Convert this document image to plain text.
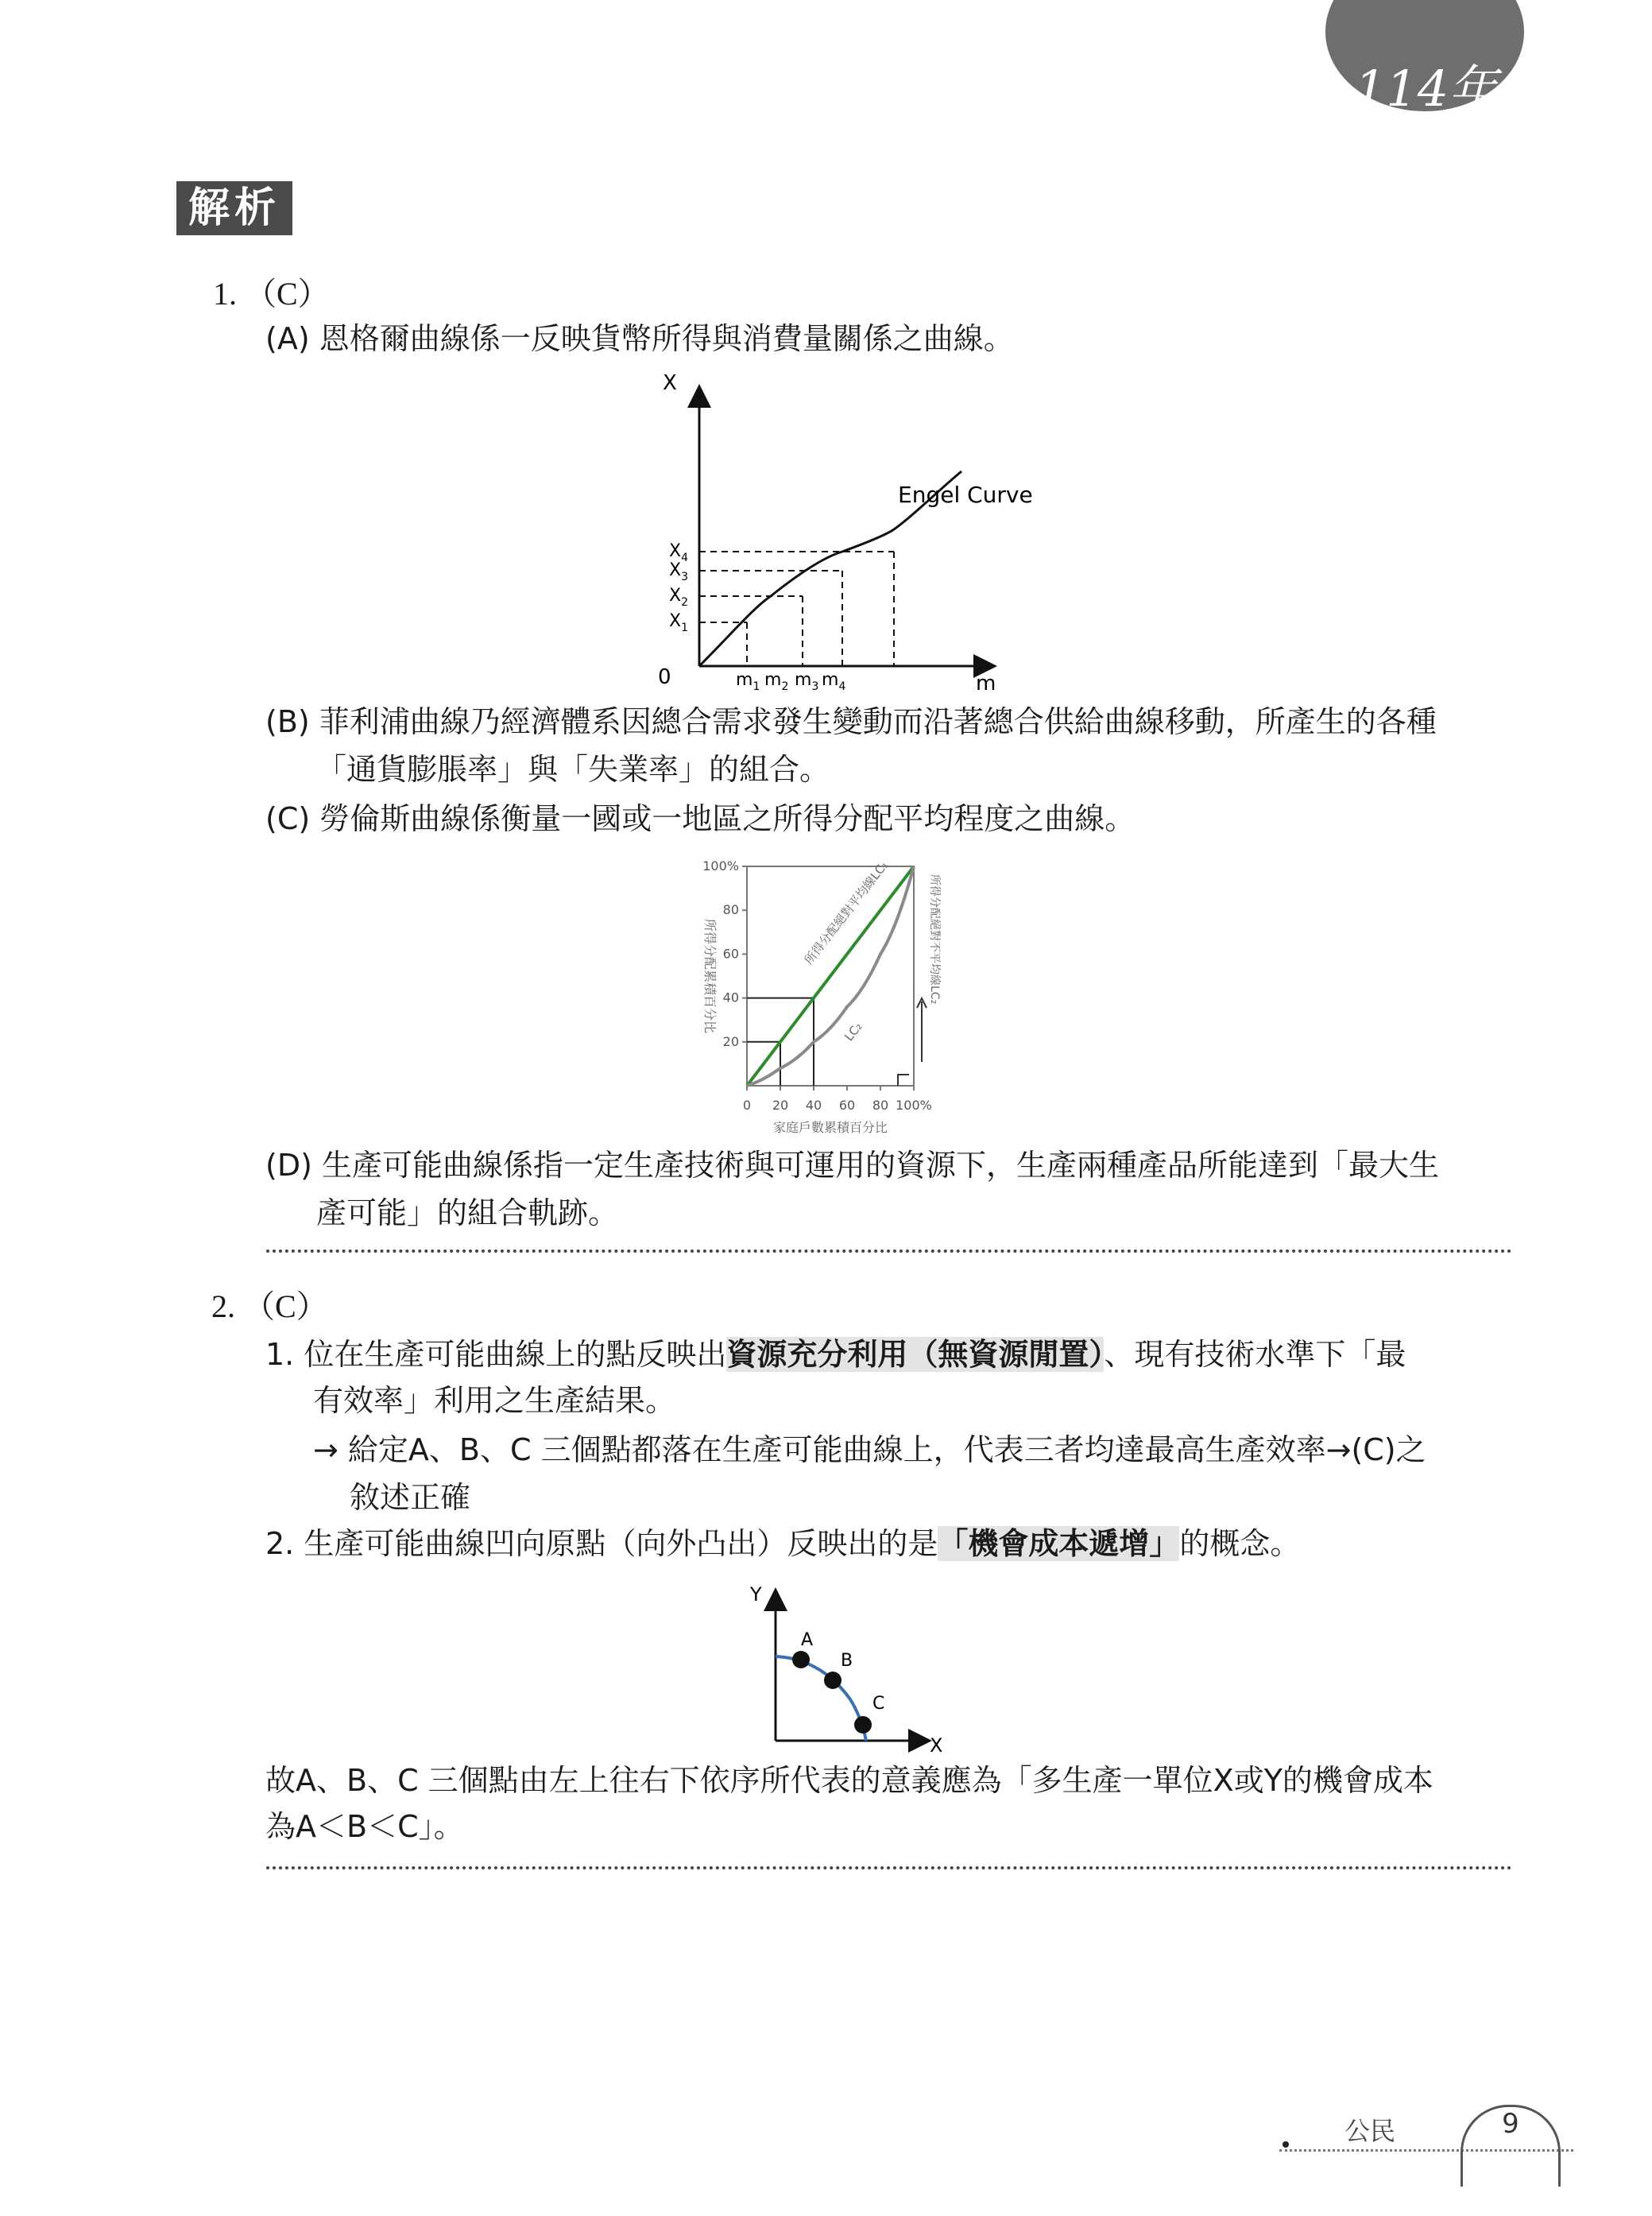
114年
解析
1. （C）
(A) 恩格爾曲線係一反映貨幣所得與消費量關係之曲線。
X
m
0
Engel Curve
$X_4$
$X_3$
$X_2$
$X_1$
$m_1$ $m_2$ $m_3$ $m_4$
(B) 菲利浦曲線乃經濟體系因總合需求發生變動而沿著總合供給曲線移動，所產生的各種
「通貨膨脹率」與「失業率」的組合。
(C) 勞倫斯曲線係衡量一國或一地區之所得分配平均程度之曲線。
0 20 40 60 80 100%
20
40
60
80
100%
家庭戶數累積百分比
所得分配累積百分比
所得分配絕對平均線LC₁
LC₂
所得分配絕對不平均線LC₂
(D) 生產可能曲線係指一定生產技術與可運用的資源下，生產兩種產品所能達到「最大生
產可能」的組合軌跡。
2. （C）
1. 位在生產可能曲線上的點反映出資源充分利用（無資源閒置）、現有技術水準下「最
有效率」利用之生產結果。
→ 給定A、B、C 三個點都落在生產可能曲線上，代表三者均達最高生產效率→(C)之
敘述正確
2. 生產可能曲線凹向原點（向外凸出）反映出的是「機會成本遞增」的概念。
Y
X
A
B
C
故A、B、C 三個點由左上往右下依序所代表的意義應為「多生產一單位X或Y的機會成本
為A＜B＜C」。
公民	9
